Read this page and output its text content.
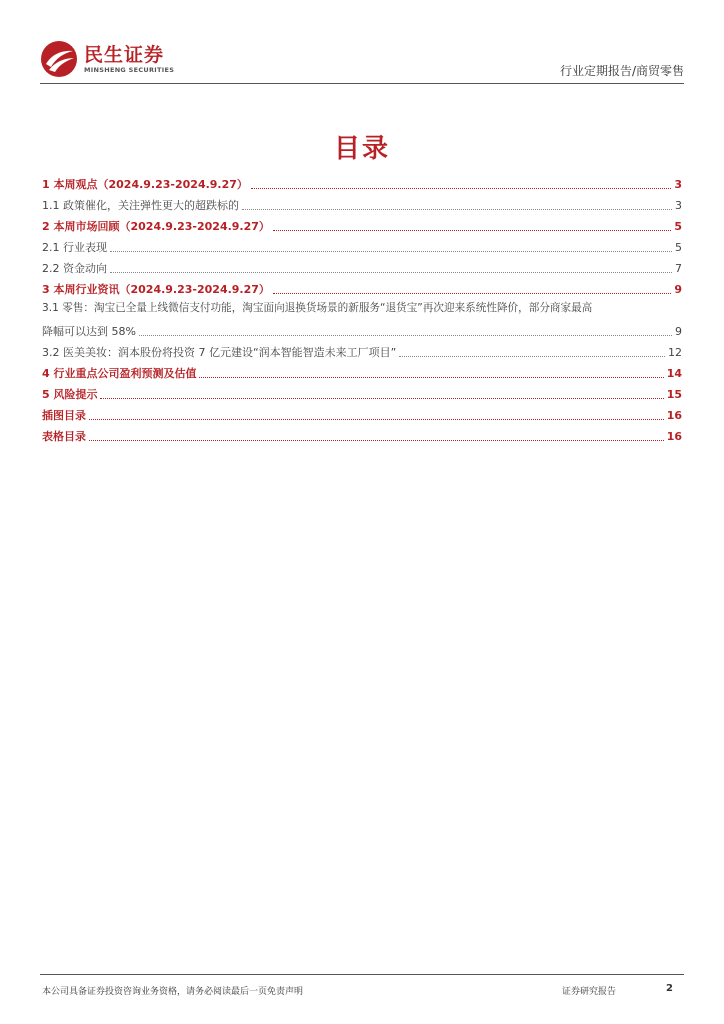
民生证券
MINSHENG SECURITIES	行业定期报告/商贸零售
目录
1 本周观点（2024.9.23-2024.9.27）	3
1.1 政策催化，关注弹性更大的超跌标的	3
2 本周市场回顾（2024.9.23-2024.9.27）	5
2.1 行业表现	5
2.2 资金动向	7
3 本周行业资讯（2024.9.23-2024.9.27）	9
3.1 零售：淘宝已全量上线微信支付功能，淘宝面向退换货场景的新服务“退货宝”再次迎来系统性降价，部分商家最高
降幅可以达到 58%	9
3.2 医美美妆：润本股份将投资 7 亿元建设“润本智能智造未来工厂项目”	12
4 行业重点公司盈利预测及估值	14
5 风险提示	15
插图目录	16
表格目录	16
本公司具备证券投资咨询业务资格，请务必阅读最后一页免责声明	证券研究报告	2
